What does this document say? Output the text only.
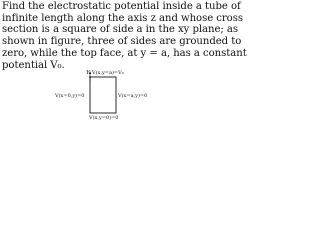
Find the electrostatic potential inside a tube of
infinite length along the axis z and whose cross
section is a square of side a in the xy plane; as
shown in figure, three of sides are grounded to
zero, while the top face, at y = a, has a constant
potential V₀.
Y V(x,y=a)=V₀
V(x=0,y)=0	V(x=a,y)=0
V(x,y=0)=0
